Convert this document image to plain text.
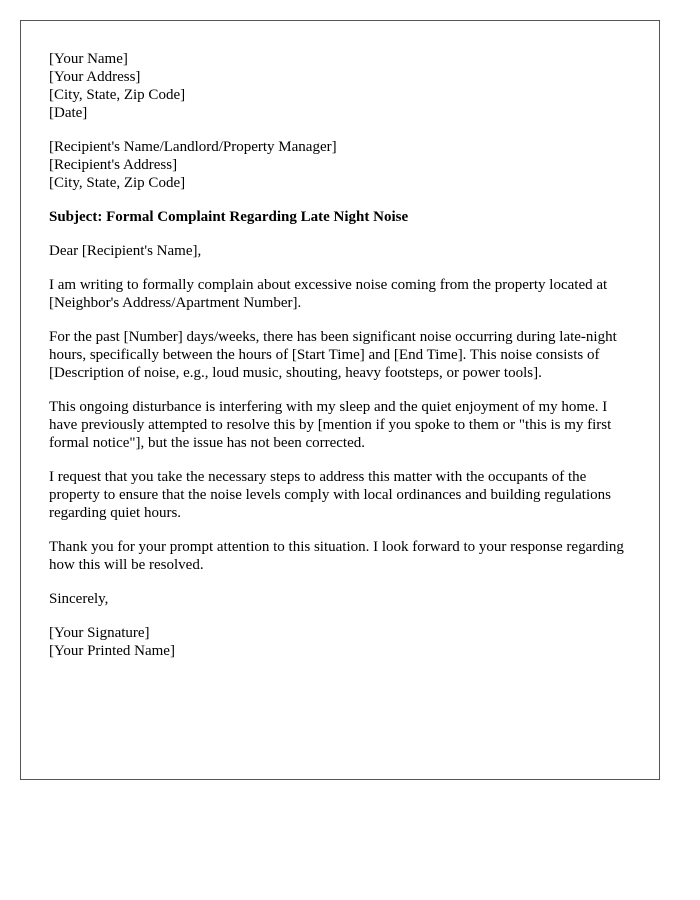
[Your Name]
[Your Address]
[City, State, Zip Code]
[Date]
[Recipient's Name/Landlord/Property Manager]
[Recipient's Address]
[City, State, Zip Code]

Subject: Formal Complaint Regarding Late Night Noise

Dear [Recipient's Name],

I am writing to formally complain about excessive noise coming from the property located at [Neighbor's Address/Apartment Number].

For the past [Number] days/weeks, there has been significant noise occurring during late-night hours, specifically between the hours of [Start Time] and [End Time]. This noise consists of [Description of noise, e.g., loud music, shouting, heavy footsteps, or power tools].

This ongoing disturbance is interfering with my sleep and the quiet enjoyment of my home. I have previously attempted to resolve this by [mention if you spoke to them or "this is my first formal notice"], but the issue has not been corrected.

I request that you take the necessary steps to address this matter with the occupants of the property to ensure that the noise levels comply with local ordinances and building regulations regarding quiet hours.

Thank you for your prompt attention to this situation. I look forward to your response regarding how this will be resolved.

Sincerely,

[Your Signature]
[Your Printed Name]
